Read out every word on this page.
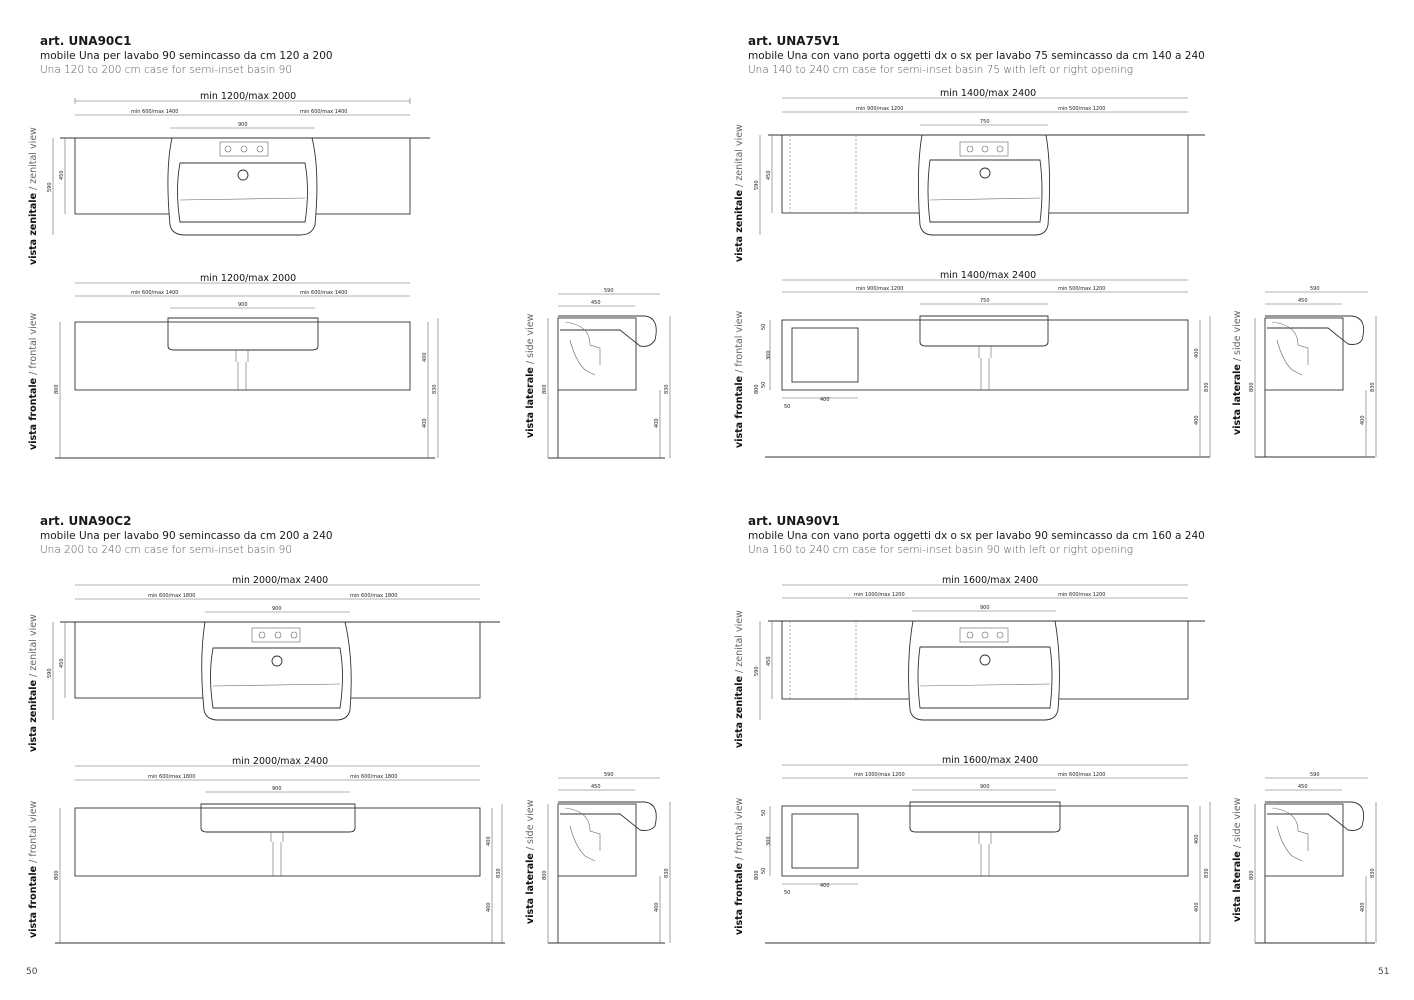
art. UNA90C1

mobile Una per lavabo 90 semincasso da cm 120 a 200

Una 120 to 200 cm case for semi-inset basin 90

vista zenitale / zenital view
min 1200/max 2000
min 600/max 1400	min 600/max 1400
900
590
450
vista frontale / frontal view
min 1200/max 2000
min 600/max 1400	min 600/max 1400
900
400
400
830
800	vista laterale / side view
590
450
800
400
830
vista zenitale / zenital view
min 1400/max 2400
min 900/max 1200	min 500/max 1200
750
590
450
vista frontale / frontal view
min 1400/max 2400
min 900/max 1200	min 500/max 1200
750
50
300
50
800
50
400
400
400
830 vista laterale / side view
590
450
800
400
830
vista zenitale / zenital view
min 2000/max 2400
min 600/max 1800	min 600/max 1800
900
590
450
vista frontale / frontal view
min 2000/max 2400
min 600/max 1800	min 600/max 1800
900
400
400
830
800	vista laterale / side view
590
450
800
400
830
vista zenitale / zenital view
min 1600/max 2400
min 1000/max 1200	min 600/max 1200
900
590
450
vista frontale / frontal view
min 1600/max 2400
min 1000/max 1200	min 600/max 1200
900
50
300
50
800
50
400
400
400
830 vista laterale / side view
590
450
800
400
830

art. UNA75V1

mobile Una con vano porta oggetti dx o sx per lavabo 75 semincasso da cm 140 a 240

Una 140 to 240 cm case for semi-inset basin 75 with left or right opening

art. UNA90C2

mobile Una per lavabo 90 semincasso da cm 200 a 240

Una 200 to 240 cm case for semi-inset basin 90

art. UNA90V1

mobile Una con vano porta oggetti dx o sx per lavabo 90 semincasso da cm 160 a 240

Una 160 to 240 cm case for semi-inset basin 90 with left or right opening

50	51
